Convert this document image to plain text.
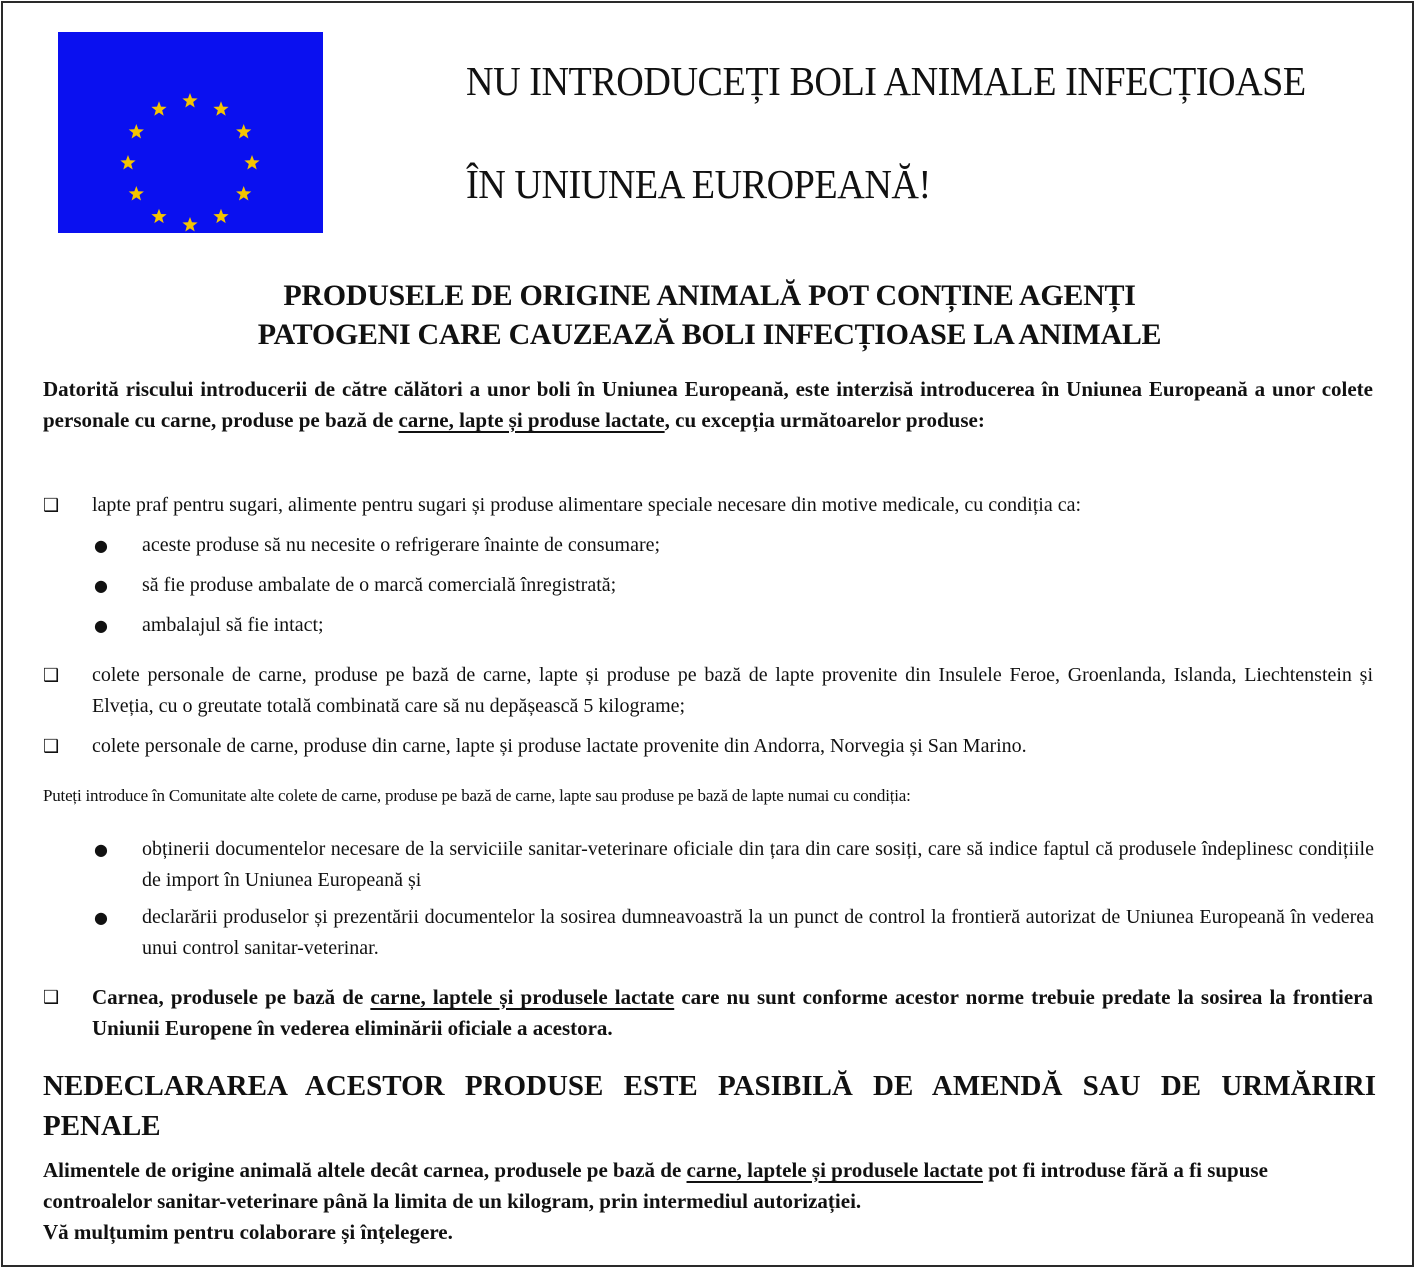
NU INTRODUCEȚI BOLI ANIMALE INFECȚIOASE
ÎN UNIUNEA EUROPEANĂ!
PRODUSELE DE ORIGINE ANIMALĂ POT CONȚINE AGENȚI
PATOGENI CARE CAUZEAZĂ BOLI INFECȚIOASE LA ANIMALE
Datorită riscului introducerii de către călători a unor boli în Uniunea Europeană, este interzisă introducerea în Uniunea Europeană a unor colete personale cu carne, produse pe bază de carne, lapte și produse lactate, cu excepția următoarelor produse:
❑ lapte praf pentru sugari, alimente pentru sugari și produse alimentare speciale necesare din motive medicale, cu condiția ca:
● aceste produse să nu necesite o refrigerare înainte de consumare;
● să fie produse ambalate de o marcă comercială înregistrată;
● ambalajul să fie intact;
❑ colete personale de carne, produse pe bază de carne, lapte și produse pe bază de lapte provenite din Insulele Feroe, Groenlanda, Islanda, Liechtenstein și Elveția, cu o greutate totală combinată care să nu depășească 5 kilograme;
❑ colete personale de carne, produse din carne, lapte și produse lactate provenite din Andorra, Norvegia și San Marino.
Puteți introduce în Comunitate alte colete de carne, produse pe bază de carne, lapte sau produse pe bază de lapte numai cu condiția:
● obținerii documentelor necesare de la serviciile sanitar-veterinare oficiale din țara din care sosiți, care să indice faptul că produsele îndeplinesc condițiile de import în Uniunea Europeană și
● declarării produselor și prezentării documentelor la sosirea dumneavoastră la un punct de control la frontieră autorizat de Uniunea Europeană în vederea unui control sanitar-veterinar.
❑ Carnea, produsele pe bază de carne, laptele și produsele lactate care nu sunt conforme acestor norme trebuie predate la sosirea la frontiera Uniunii Europene în vederea eliminării oficiale a acestora.
NEDECLARAREA ACESTOR PRODUSE ESTE PASIBILĂ DE AMENDĂ SAU DE URMĂRIRI PENALE

Alimentele de origine animală altele decât carnea, produsele pe bază de carne, laptele și produsele lactate pot fi introduse fără a fi supuse controalelor sanitar-veterinare până la limita de un kilogram, prin intermediul autorizației.

Vă mulțumim pentru colaborare și înțelegere.
